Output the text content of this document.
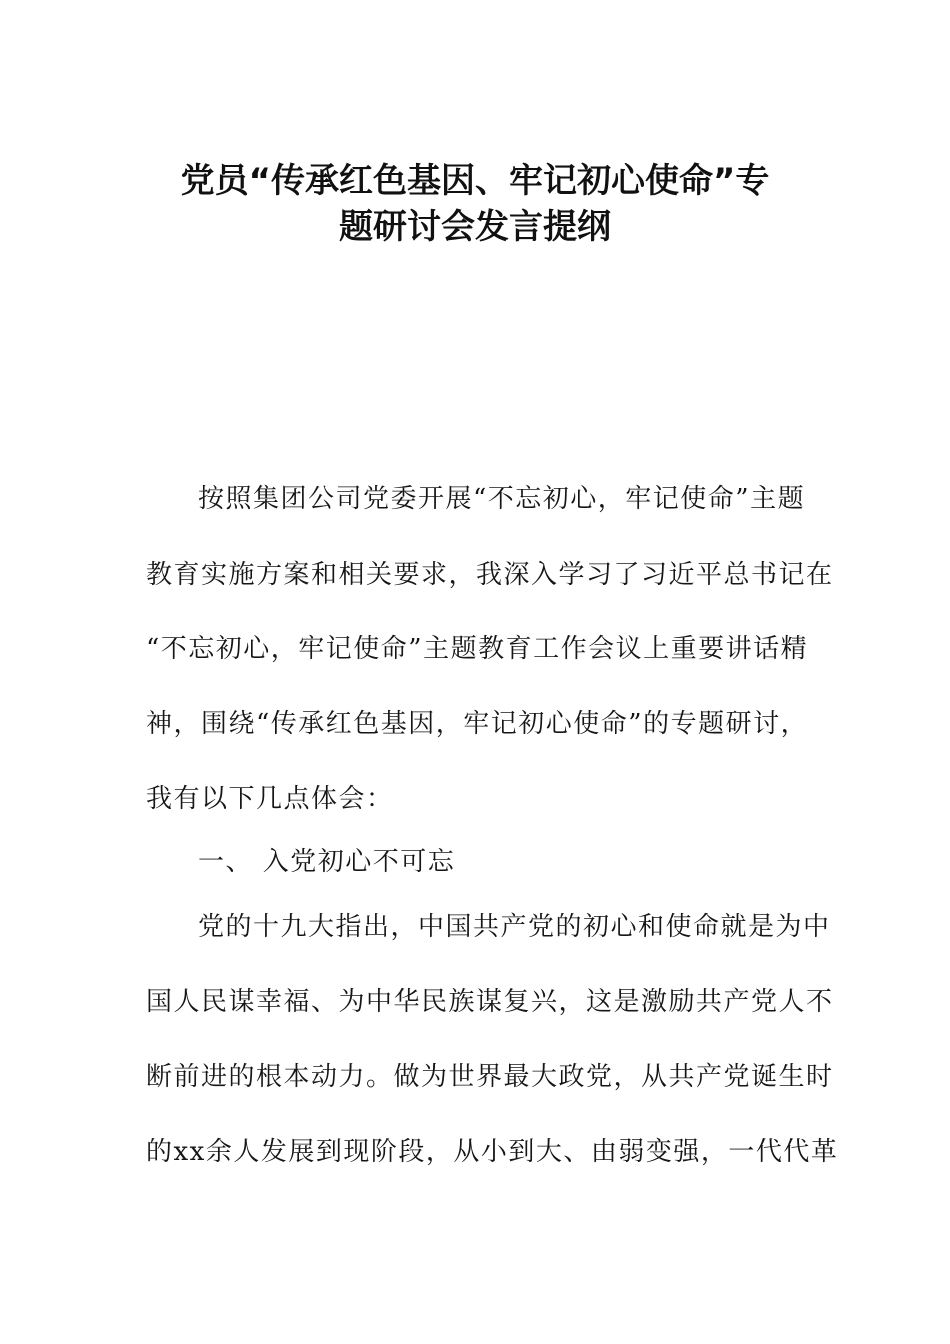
党员“传承红色基因、牢记初心使命”专
题研讨会发言提纲
按照集团公司党委开展“不忘初心，牢记使命”主题
教育实施方案和相关要求，我深入学习了习近平总书记在
“不忘初心，牢记使命”主题教育工作会议上重要讲话精
神，围绕“传承红色基因，牢记初心使命”的专题研讨，
我有以下几点体会：
一、 入党初心不可忘
党的十九大指出，中国共产党的初心和使命就是为中
国人民谋幸福、为中华民族谋复兴，这是激励共产党人不
断前进的根本动力。做为世界最大政党，从共产党诞生时
的xx余人发展到现阶段，从小到大、由弱变强，一代代革
